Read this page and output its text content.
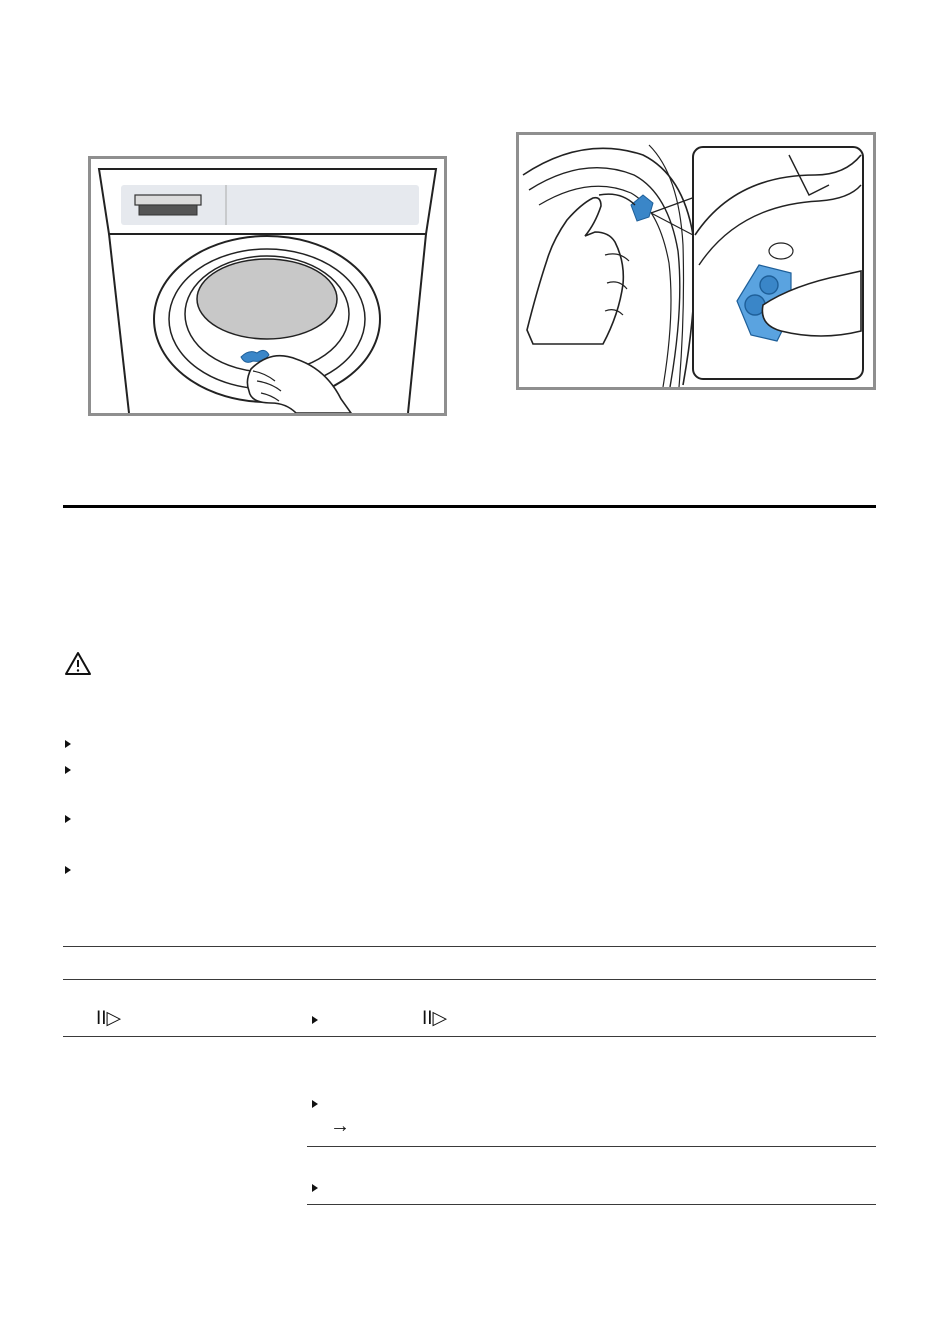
II▷	II▷
→
